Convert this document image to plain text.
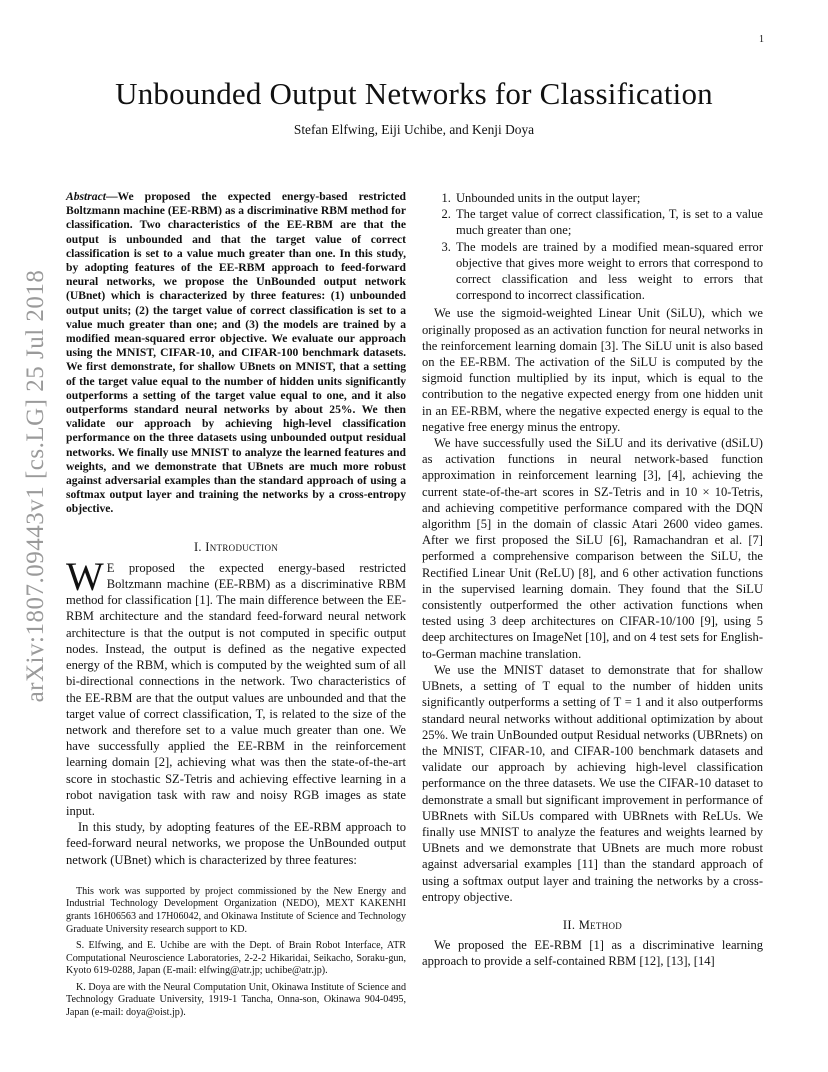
1
Unbounded Output Networks for Classification
Stefan Elfwing, Eiji Uchibe, and Kenji Doya
arXiv:1807.09443v1 [cs.LG] 25 Jul 2018
Abstract—We proposed the expected energy-based restricted Boltzmann machine (EE-RBM) as a discriminative RBM method for classification. Two characteristics of the EE-RBM are that the output is unbounded and that the target value of correct classification is set to a value much greater than one. In this study, by adopting features of the EE-RBM approach to feed-forward neural networks, we propose the UnBounded output network (UBnet) which is characterized by three features: (1) unbounded output units; (2) the target value of correct classification is set to a value much greater than one; and (3) the models are trained by a modified mean-squared error objective. We evaluate our approach using the MNIST, CIFAR-10, and CIFAR-100 benchmark datasets. We first demonstrate, for shallow UBnets on MNIST, that a setting of the target value equal to the number of hidden units significantly outperforms a setting of the target value equal to one, and it also outperforms standard neural networks by about 25%. We then validate our approach by achieving high-level classification performance on the three datasets using unbounded output residual networks. We finally use MNIST to analyze the learned features and weights, and we demonstrate that UBnets are much more robust against adversarial examples than the standard approach of using a softmax output layer and training the networks by a cross-entropy objective.
I. Introduction

W E proposed the expected energy-based restricted Boltzmann machine (EE-RBM) as a discriminative RBM method for classification [1]. The main difference between the EE-RBM architecture and the standard feed-forward neural network architecture is that the output is not computed in specific output nodes. Instead, the output is defined as the negative expected energy of the RBM, which is computed by the weighted sum of all bi-directional connections in the network. Two characteristics of the EE-RBM are that the output values are unbounded and that the target value of correct classification, T, is related to the size of the network and therefore set to a value much greater than one. We have successfully applied the EE-RBM in the reinforcement learning domain [2], achieving what was then the state-of-the-art score in stochastic SZ-Tetris and achieving effective learning in a robot navigation task with raw and noisy RGB images as state input.

In this study, by adopting features of the EE-RBM approach to feed-forward neural networks, we propose the UnBounded output network (UBnet) which is characterized by three features:

This work was supported by project commissioned by the New Energy and Industrial Technology Development Organization (NEDO), MEXT KAKENHI grants 16H06563 and 17H06042, and Okinawa Institute of Science and Technology Graduate University research support to KD.

S. Elfwing, and E. Uchibe are with the Dept. of Brain Robot Interface, ATR Computational Neuroscience Laboratories, 2-2-2 Hikaridai, Seikacho, Soraku-gun, Kyoto 619-0288, Japan (E-mail: elfwing@atr.jp; uchibe@atr.jp).

K. Doya are with the Neural Computation Unit, Okinawa Institute of Science and Technology Graduate University, 1919-1 Tancha, Onna-son, Okinawa 904-0495, Japan (e-mail: doya@oist.jp).

1. Unbounded units in the output layer;
2. The target value of correct classification, T, is set to a value much greater than one;
3. The models are trained by a modified mean-squared error objective that gives more weight to errors that correspond to correct classification and less weight to errors that correspond to incorrect classification.

We use the sigmoid-weighted Linear Unit (SiLU), which we originally proposed as an activation function for neural networks in the reinforcement learning domain [3]. The SiLU unit is also based on the EE-RBM. The activation of the SiLU is computed by the sigmoid function multiplied by its input, which is equal to the contribution to the negative expected energy from one hidden unit in an EE-RBM, where the negative expected energy is equal to the negative free energy minus the entropy.

We have successfully used the SiLU and its derivative (dSiLU) as activation functions in neural network-based function approximation in reinforcement learning [3], [4], achieving the current state-of-the-art scores in SZ-Tetris and in 10 × 10-Tetris, and achieving competitive performance compared with the DQN algorithm [5] in the domain of classic Atari 2600 video games. After we first proposed the SiLU [6], Ramachandran et al. [7] performed a comprehensive comparison between the SiLU, the Rectified Linear Unit (ReLU) [8], and 6 other activation functions in the supervised learning domain. They found that the SiLU consistently outperformed the other activation functions when tested using 3 deep architectures on CIFAR-10/100 [9], using 5 deep architectures on ImageNet [10], and on 4 test sets for English-to-German machine translation.

We use the MNIST dataset to demonstrate that for shallow UBnets, a setting of T equal to the number of hidden units significantly outperforms a setting of T = 1 and it also outperforms standard neural networks without additional optimization by about 25%. We train UnBounded output Residual networks (UBRnets) on the MNIST, CIFAR-10, and CIFAR-100 benchmark datasets and validate our approach by achieving high-level classification performance on the three datasets. We use the CIFAR-10 dataset to demonstrate a small but significant improvement in performance of UBRnets with SiLUs compared with UBRnets with ReLUs. We finally use MNIST to analyze the features and weights learned by UBnets and we demonstrate that UBnets are much more robust against adversarial examples [11] than the standard approach of using a softmax output layer and training the networks by a cross-entropy objective.

II. Method

We proposed the EE-RBM [1] as a discriminative learning approach to provide a self-contained RBM [12], [13], [14]
